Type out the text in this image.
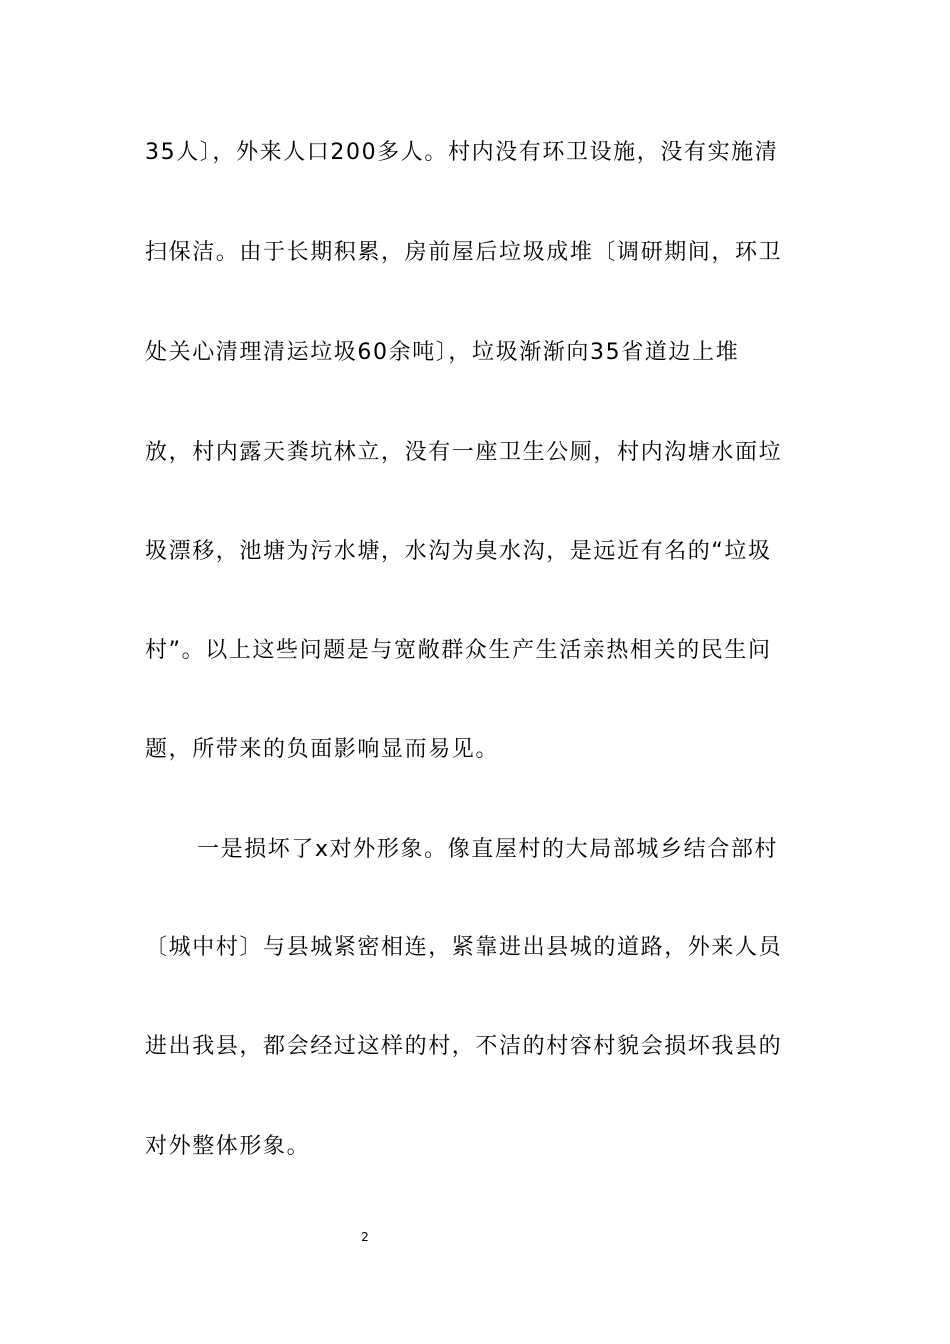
35人〕，外来人口200多人。村内没有环卫设施，没有实施清
扫保洁。由于长期积累，房前屋后垃圾成堆〔调研期间，环卫
处关心清理清运垃圾60余吨〕，垃圾渐渐向35省道边上堆
放，村内露天粪坑林立，没有一座卫生公厕，村内沟塘水面垃
圾漂移，池塘为污水塘，水沟为臭水沟，是远近有名的“垃圾
村”。以上这些问题是与宽敞群众生产生活亲热相关的民生问
题，所带来的负面影响显而易见。
一是损坏了x对外形象。像直屋村的大局部城乡结合部村
〔城中村〕与县城紧密相连，紧靠进出县城的道路，外来人员
进出我县，都会经过这样的村，不洁的村容村貌会损坏我县的
对外整体形象。
2
